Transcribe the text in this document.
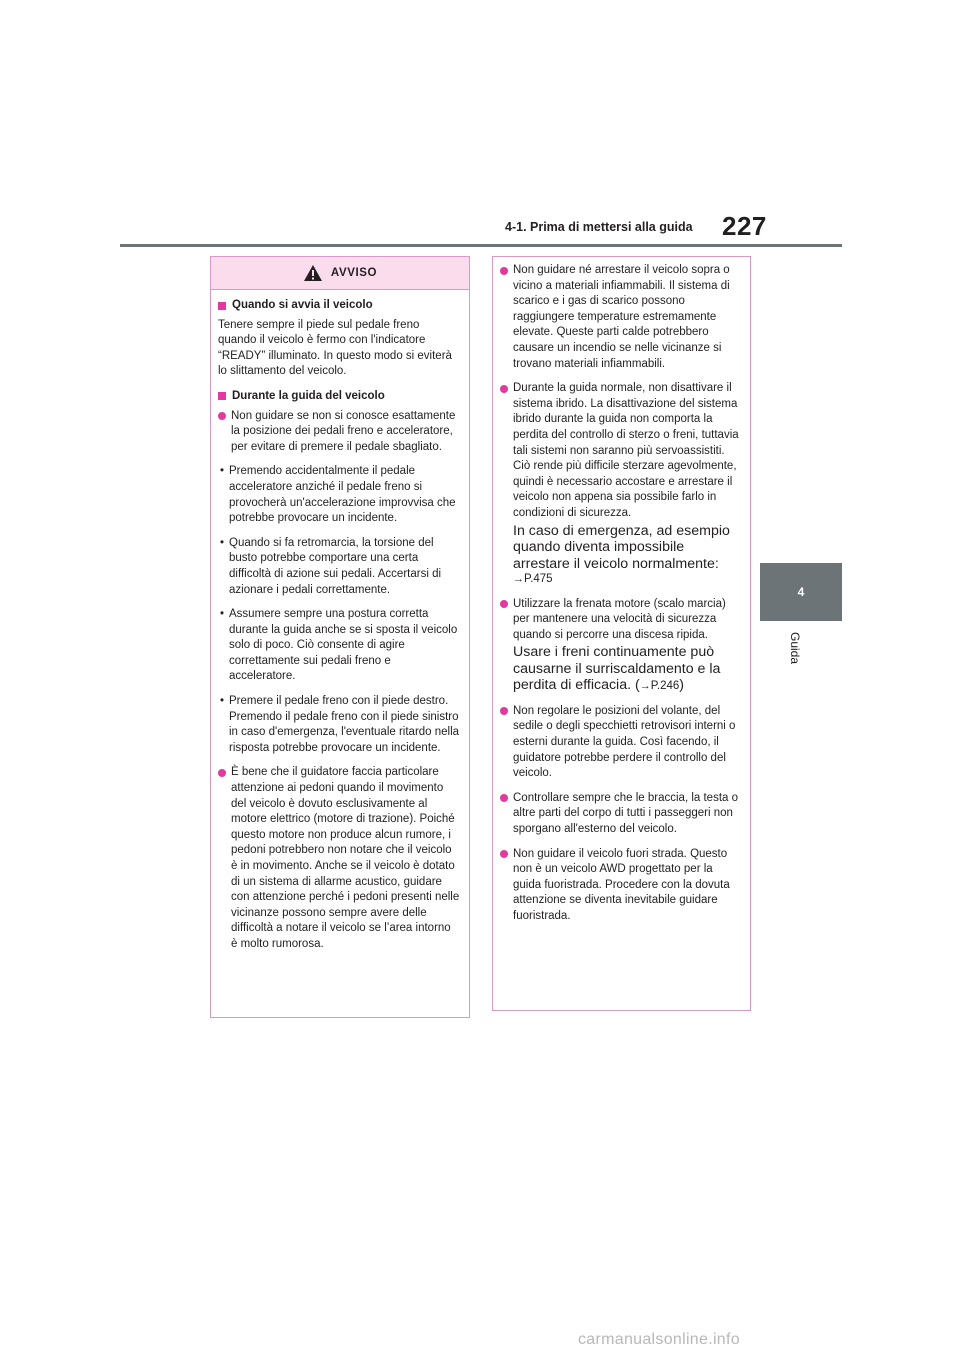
227
4-1. Prima di mettersi alla guida
4
Guida
AVVISO
Quando si avvia il veicolo
Tenere sempre il piede sul pedale freno quando il veicolo è fermo con l'indicatore “READY” illuminato. In questo modo si eviterà lo slittamento del veicolo.
Durante la guida del veicolo
Non guidare se non si conosce esattamente la posizione dei pedali freno e acceleratore, per evitare di premere il pedale sbagliato.
• Premendo accidentalmente il pedale acceleratore anziché il pedale freno si provocherà un'accelerazione improvvisa che potrebbe provocare un incidente.
• Quando si fa retromarcia, la torsione del busto potrebbe comportare una certa difficoltà di azione sui pedali. Accertarsi di azionare i pedali correttamente.
• Assumere sempre una postura corretta durante la guida anche se si sposta il veicolo solo di poco. Ciò consente di agire correttamente sui pedali freno e acceleratore.
• Premere il pedale freno con il piede destro. Premendo il pedale freno con il piede sinistro in caso d'emergenza, l'eventuale ritardo nella risposta potrebbe provocare un incidente.
È bene che il guidatore faccia particolare attenzione ai pedoni quando il movimento del veicolo è dovuto esclusivamente al motore elettrico (motore di trazione). Poiché questo motore non produce alcun rumore, i pedoni potrebbero non notare che il veicolo è in movimento. Anche se il veicolo è dotato di un sistema di allarme acustico, guidare con attenzione perché i pedoni presenti nelle vicinanze possono sempre avere delle difficoltà a notare il veicolo se l’area intorno è molto rumorosa.
Non guidare né arrestare il veicolo sopra o vicino a materiali infiammabili. Il sistema di scarico e i gas di scarico possono raggiungere temperature estremamente elevate. Queste parti calde potrebbero causare un incendio se nelle vicinanze si trovano materiali infiammabili.
Durante la guida normale, non disattivare il sistema ibrido. La disattivazione del sistema ibrido durante la guida non comporta la perdita del controllo di sterzo o freni, tuttavia tali sistemi non saranno più servoassistiti. Ciò rende più difficile sterzare agevolmente, quindi è necessario accostare e arrestare il veicolo non appena sia possibile farlo in condizioni di sicurezza.
In caso di emergenza, ad esempio quando diventa impossibile arrestare il veicolo normalmente:
→P.475
Utilizzare la frenata motore (scalo marcia) per mantenere una velocità di sicurezza quando si percorre una discesa ripida.
Usare i freni continuamente può causarne il surriscaldamento e la perdita di efficacia. (→P.246)
Non regolare le posizioni del volante, del sedile o degli specchietti retrovisori interni o esterni durante la guida. Così facendo, il guidatore potrebbe perdere il controllo del veicolo.
Controllare sempre che le braccia, la testa o altre parti del corpo di tutti i passeggeri non sporgano all'esterno del veicolo.
Non guidare il veicolo fuori strada. Questo non è un veicolo AWD progettato per la guida fuoristrada. Procedere con la dovuta attenzione se diventa inevitabile guidare fuoristrada.
carmanualsonline.info
